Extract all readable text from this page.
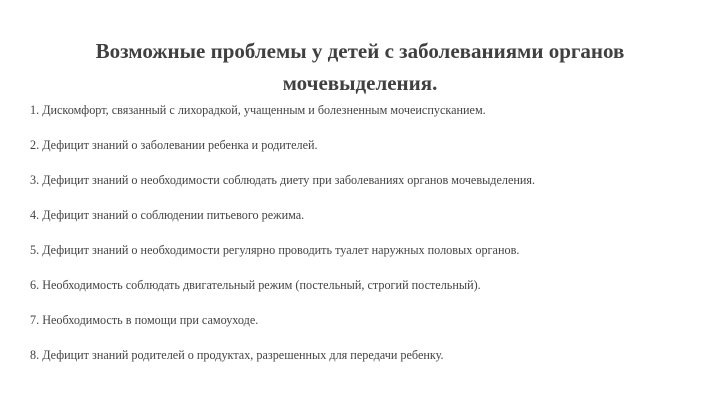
Возможные проблемы у детей с заболеваниями органов
мочевыделения.
1. Дискомфорт, связанный с лихорадкой, учащенным и болезненным мочеиспусканием.
2. Дефицит знаний о заболевании ребенка и родителей.
3. Дефицит знаний о необходимости соблюдать диету при заболеваниях органов мочевыделения.
4. Дефицит знаний о соблюдении питьевого режима.
5. Дефицит знаний о необходимости регулярно проводить туалет наружных половых органов.
6. Необходимость соблюдать двигательный режим (постельный, строгий постельный).
7. Необходимость в помощи при самоуходе.
8. Дефицит знаний родителей о продуктах, разрешенных для передачи ребенку.
